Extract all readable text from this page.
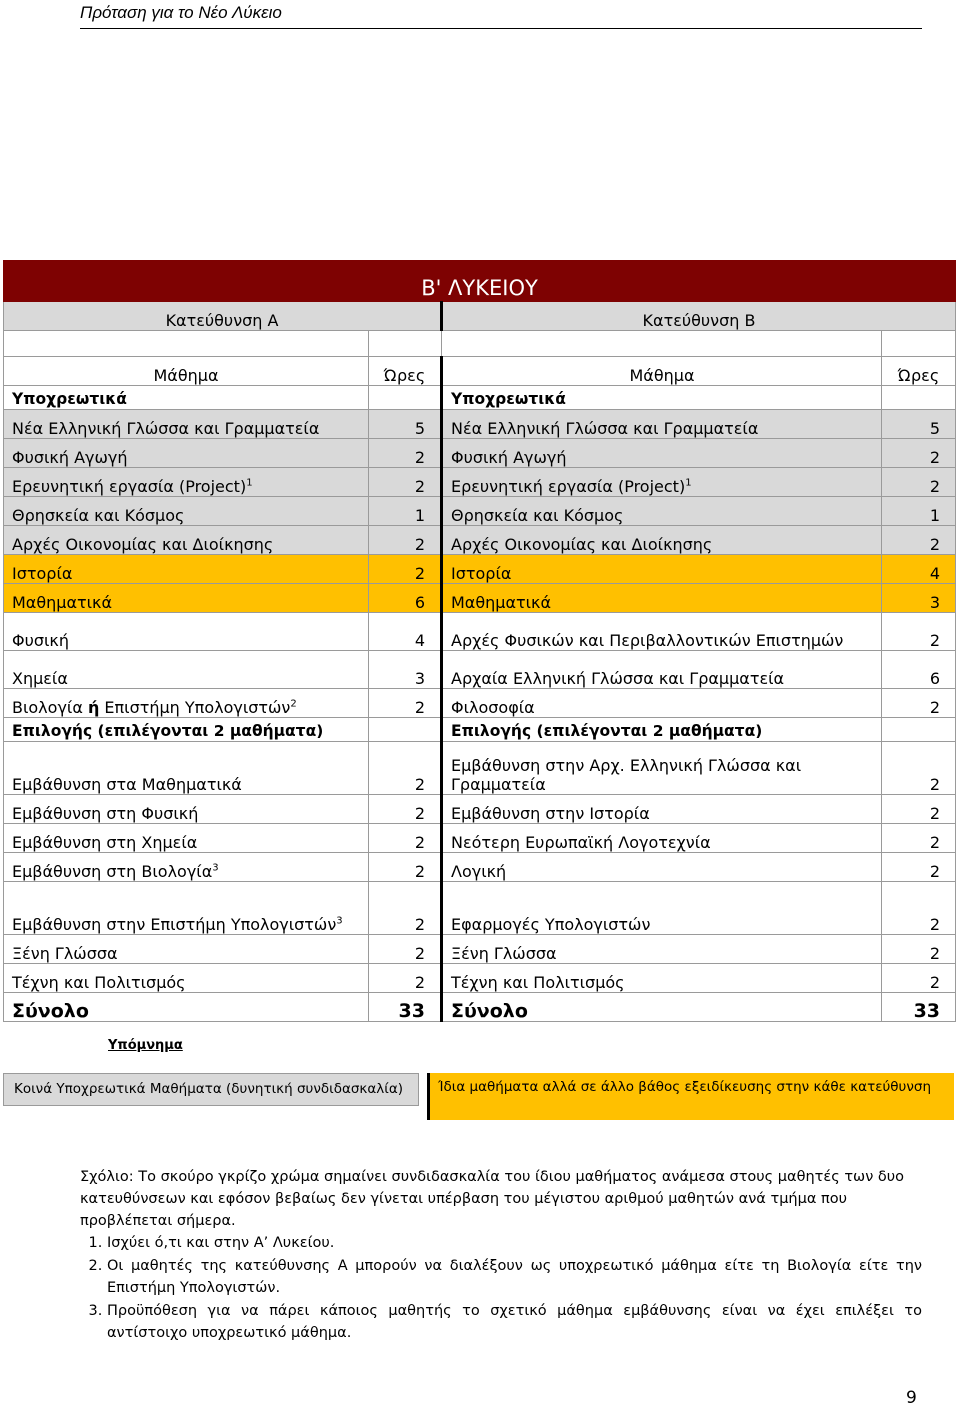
Πρόταση για το Νέο Λύκειο
Β' ΛΥΚΕΙΟΥ			
Κατεύθυνση Α		Κατεύθυνση Β	

Μάθημα	Ώρες	Μάθημα	Ώρες
Υποχρεωτικά		Υποχρεωτικά	
Νέα Ελληνική Γλώσσα και Γραμματεία	5	Νέα Ελληνική Γλώσσα και Γραμματεία	5
Φυσική Αγωγή	2	Φυσική Αγωγή	2
Ερευνητική εργασία (Project)$^1$	2	Ερευνητική εργασία (Project)$^1$	2
Θρησκεία και Κόσμος	1	Θρησκεία και Κόσμος	1
Αρχές Οικονομίας και Διοίκησης	2	Αρχές Οικονομίας και Διοίκησης	2
Ιστορία	2	Ιστορία	4
Μαθηματικά	6	Μαθηματικά	3
Φυσική	4	Αρχές Φυσικών και Περιβαλλοντικών Επιστημών	2
Χημεία	3	Αρχαία Ελληνική Γλώσσα και Γραμματεία	6
Βιολογία ή Επιστήμη Υπολογιστών$^2$	2	Φιλοσοφία	2
Επιλογής (επιλέγονται 2 μαθήματα)		Επιλογής (επιλέγονται 2 μαθήματα)	
Εμβάθυνση στα Μαθηματικά	2	Εμβάθυνση στην Αρχ. Ελληνική Γλώσσα και Γραμματεία	2
Εμβάθυνση στη Φυσική	2	Εμβάθυνση στην Ιστορία	2
Εμβάθυνση στη Χημεία	2	Νεότερη Ευρωπαϊκή Λογοτεχνία	2
Εμβάθυνση στη Βιολογία$^3$	2	Λογική	2
Εμβάθυνση στην Επιστήμη Υπολογιστών$^3$	2	Εφαρμογές Υπολογιστών	2
Ξένη Γλώσσα	2	Ξένη Γλώσσα	2
Τέχνη και Πολιτισμός	2	Τέχνη και Πολιτισμός	2
Σύνολο	33	Σύνολο	33
Υπόμνημα
Κοινά Υποχρεωτικά Μαθήματα (δυνητική συνδιδασκαλία)	Ίδια μαθήματα αλλά σε άλλο βάθος εξειδίκευσης στην κάθε κατεύθυνση

Σχόλιο: Το σκούρο γκρίζο χρώμα σημαίνει συνδιδασκαλία του ίδιου μαθήματος ανάμεσα στους μαθητές των δυο κατευθύνσεων και εφόσον βεβαίως δεν γίνεται υπέρβαση του μέγιστου αριθμού μαθητών ανά τμήμα που προβλέπεται σήμερα.

1. Ισχύει ό,τι και στην Α’ Λυκείου.
2. Οι μαθητές της κατεύθυνσης Α μπορούν να διαλέξουν ως υποχρεωτικό μάθημα είτε τη Βιολογία είτε την Επιστήμη Υπολογιστών.
3. Προϋπόθεση για να πάρει κάποιος μαθητής το σχετικό μάθημα εμβάθυνσης είναι να έχει επιλέξει το αντίστοιχο υποχρεωτικό μάθημα.
9
